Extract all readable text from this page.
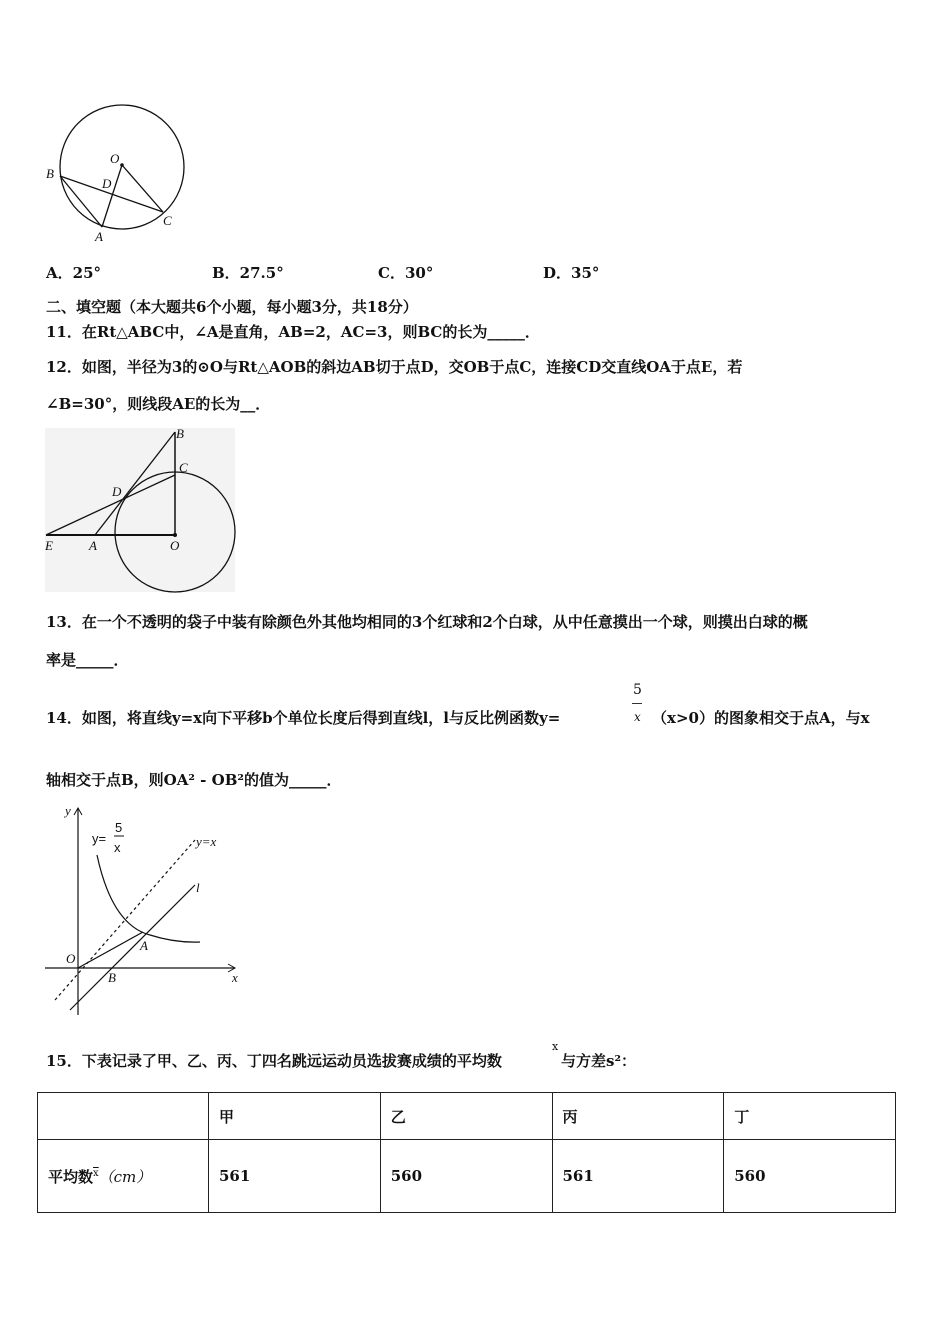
O
D
B
A
C
A．25°	B．27.5°	C．30°	D．35°
二、填空题（本大题共6个小题，每小题3分，共18分）
11．在Rt△ABC中，∠A是直角，AB=2，AC=3，则BC的长为_____．
12．如图，半径为3的⊙O与Rt△AOB的斜边AB切于点D，交OB于点C，连接CD交直线OA于点E，若
∠B=30°，则线段AE的长为__．
B
C
D
E	A	O
13．在一个不透明的袋子中装有除颜色外其他均相同的3个红球和2个白球，从中任意摸出一个球，则摸出白球的概
率是_____．
14．如图，将直线y=x向下平移b个单位长度后得到直线l，l与反比例函数y=
5
x （x>0）的图象相交于点A，与x
轴相交于点B，则OA² - OB²的值为_____．
y
x
O
A
B
l
y=x
y=
5
x
15．下表记录了甲、乙、丙、丁四名跳远运动员选拔赛成绩的平均数
x
与方差s²：
	甲	乙	丙	丁
平均数$^{\overline{x}}$（cm）	561	560	561	560
